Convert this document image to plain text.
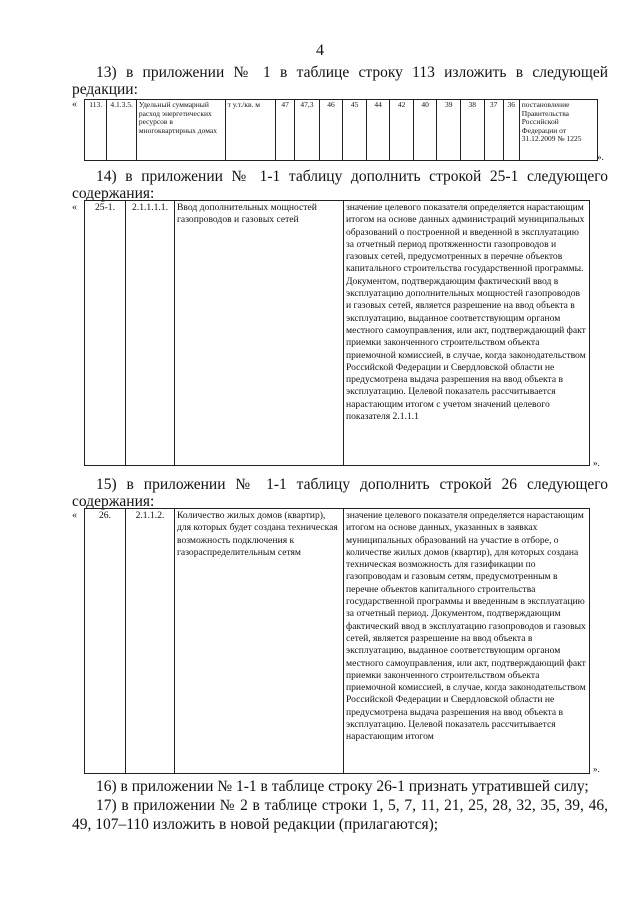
4
13) в приложении № 1 в таблице строку 113 изложить в следующей
редакции:
« 113.	4.1.3.5.	Удельный суммарный расход энергетических ресурсов в многоквартирных домах	т у.т./кв. м	47	47,3	46	45	44	42	40	39	38	37	36	постановление Правительства Российской Федерации от 31.12.2009 № 1225
».
14) в приложении № 1-1 таблицу дополнить строкой 25-1 следующего
содержания:
« 25-1.	2.1.1.1.1.	Ввод дополнительных мощностей газопроводов и газовых сетей	значение целевого показателя определяется нарастающим итогом на основе данных администраций муниципальных образований о построенной и введенной в эксплуатацию за отчетный период протяженности газопроводов и газовых сетей, предусмотренных в перечне объектов капитального строительства государственной программы. Документом, подтверждающим фактический ввод в эксплуатацию дополнительных мощностей газопроводов и газовых сетей, является разрешение на ввод объекта в эксплуатацию, выданное соответствующим органом местного самоуправления, или акт, подтверждающий факт приемки законченного строительством объекта приемочной комиссией, в случае, когда законодательством Российской Федерации и Свердловской области не предусмотрена выдача разрешения на ввод объекта в эксплуатацию. Целевой показатель рассчитывается нарастающим итогом с учетом значений целевого показателя 2.1.1.1
».
15) в приложении № 1-1 таблицу дополнить строкой 26 следующего
содержания:
« 26.	2.1.1.2.	Количество жилых домов (квартир), для которых будет создана техническая возможность подключения к газораспределительным сетям	значение целевого показателя определяется нарастающим итогом на основе данных, указанных в заявках муниципальных образований на участие в отборе, о количестве жилых домов (квартир), для которых создана техническая возможность для газификации по газопроводам и газовым сетям, предусмотренным в перечне объектов капитального строительства государственной программы и введенным в эксплуатацию за отчетный период. Документом, подтверждающим фактический ввод в эксплуатацию газопроводов и газовых сетей, является разрешение на ввод объекта в эксплуатацию, выданное соответствующим органом местного самоуправления, или акт, подтверждающий факт приемки законченного строительством объекта приемочной комиссией, в случае, когда законодательством Российской Федерации и Свердловской области не предусмотрена выдача разрешения на ввод объекта в эксплуатацию. Целевой показатель рассчитывается нарастающим итогом
».
16) в приложении № 1-1 в таблице строку 26-1 признать утратившей силу;
17) в приложении № 2 в таблице строки 1, 5, 7, 11, 21, 25, 28, 32, 35, 39, 46,
49, 107–110 изложить в новой редакции (прилагаются);
